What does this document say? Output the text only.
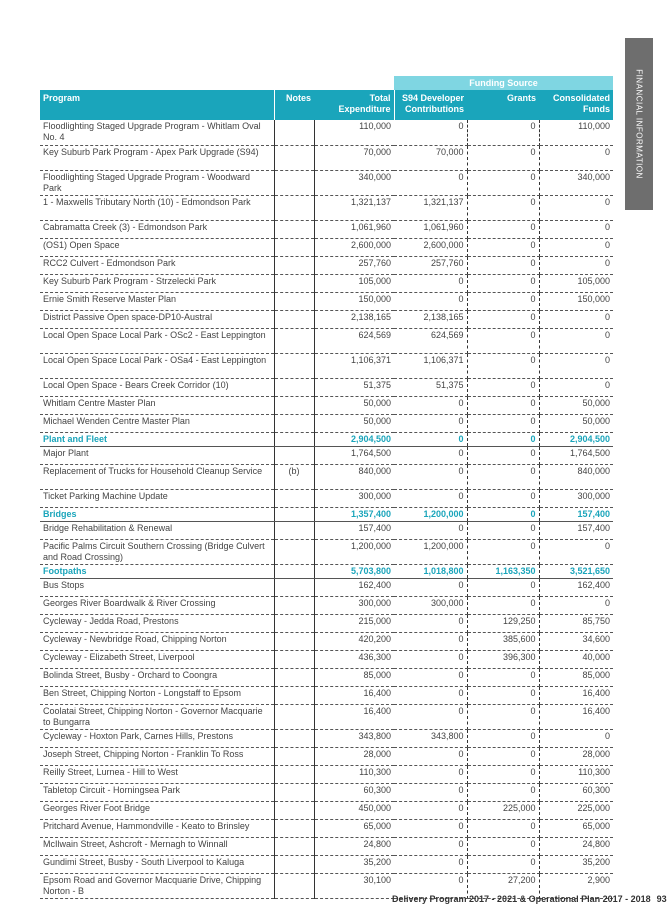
FINANCIAL INFORMATION
			Funding Source		
Program	Notes	Total Expenditure	S94 Developer Contributions	Grants	Consolidated Funds
Floodlighting Staged Upgrade Program - Whitlam Oval No. 4		110,000	0	0	110,000
Key Suburb Park Program - Apex Park Upgrade (S94)		70,000	70,000	0	0
Floodlighting Staged Upgrade Program - Woodward Park		340,000	0	0	340,000
1 - Maxwells Tributary North (10) - Edmondson Park		1,321,137	1,321,137	0	0
Cabramatta Creek (3) - Edmondson Park		1,061,960	1,061,960	0	0
(OS1) Open Space		2,600,000	2,600,000	0	0
RCC2 Culvert - Edmondson Park		257,760	257,760	0	0
Key Suburb Park Program - Strzelecki Park		105,000	0	0	105,000
Ernie Smith Reserve Master Plan		150,000	0	0	150,000
District Passive Open space-DP10-Austral		2,138,165	2,138,165	0	0
Local Open Space Local Park - OSc2 - East Leppington		624,569	624,569	0	0
Local Open Space Local Park - OSa4 - East Leppington		1,106,371	1,106,371	0	0
Local Open Space - Bears Creek Corridor (10)		51,375	51,375	0	0
Whitlam Centre Master Plan		50,000	0	0	50,000
Michael Wenden Centre Master Plan		50,000	0	0	50,000
Plant and Fleet		2,904,500	0	0	2,904,500
Major Plant		1,764,500	0	0	1,764,500
Replacement of Trucks for Household Cleanup Service	(b)	840,000	0	0	840,000
Ticket Parking Machine Update		300,000	0	0	300,000
Bridges		1,357,400	1,200,000	0	157,400
Bridge Rehabilitation & Renewal		157,400	0	0	157,400
Pacific Palms Circuit Southern Crossing (Bridge Culvert and Road Crossing)		1,200,000	1,200,000	0	0
Footpaths		5,703,800	1,018,800	1,163,350	3,521,650
Bus Stops		162,400	0	0	162,400
Georges River Boardwalk & River Crossing		300,000	300,000	0	0
Cycleway - Jedda Road, Prestons		215,000	0	129,250	85,750
Cycleway - Newbridge Road, Chipping Norton		420,200	0	385,600	34,600
Cycleway - Elizabeth Street, Liverpool		436,300	0	396,300	40,000
Bolinda Street, Busby - Orchard to Coongra		85,000	0	0	85,000
Ben Street, Chipping Norton - Longstaff to Epsom		16,400	0	0	16,400
Coolatai Street, Chipping Norton - Governor Macquarie to Bungarra		16,400	0	0	16,400
Cycleway - Hoxton Park, Carnes Hills, Prestons		343,800	343,800	0	0
Joseph Street, Chipping Norton - Franklin To Ross		28,000	0	0	28,000
Reilly Street, Lurnea - Hill to West		110,300	0	0	110,300
Tabletop Circuit - Horningsea Park		60,300	0	0	60,300
Georges River Foot Bridge		450,000	0	225,000	225,000
Pritchard Avenue, Hammondville - Keato to Brinsley		65,000	0	0	65,000
McIlwain Street, Ashcroft - Mernagh to Winnall		24,800	0	0	24,800
Gundimi Street, Busby - South Liverpool to Kaluga		35,200	0	0	35,200
Epsom Road and Governor Macquarie Drive, Chipping Norton - B		30,100	0	27,200	2,900
Delivery Program 2017 - 2021 & Operational Plan 2017 - 2018 93
